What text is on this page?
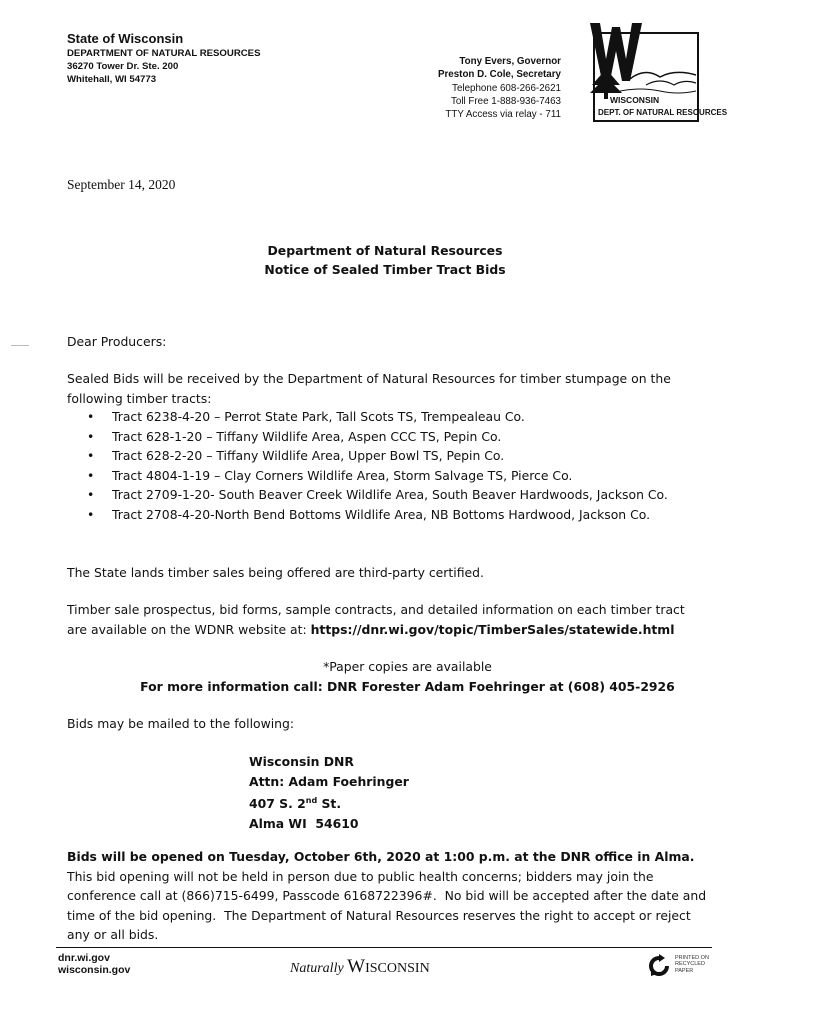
State of Wisconsin
DEPARTMENT OF NATURAL RESOURCES
36270 Tower Dr. Ste. 200
Whitehall, WI 54773
Tony Evers, Governor
Preston D. Cole, Secretary
Telephone 608-266-2621
Toll Free 1-888-936-7463
TTY Access via relay - 711
WISCONSIN
DEPT. OF NATURAL RESOURCES
September 14, 2020
Department of Natural Resources
Notice of Sealed Timber Tract Bids
Dear Producers:
Sealed Bids will be received by the Department of Natural Resources for timber stumpage on the following timber tracts:
• Tract 6238-4-20 – Perrot State Park, Tall Scots TS, Trempealeau Co.
• Tract 628-1-20 – Tiffany Wildlife Area, Aspen CCC TS, Pepin Co.
• Tract 628-2-20 – Tiffany Wildlife Area, Upper Bowl TS, Pepin Co.
• Tract 4804-1-19 – Clay Corners Wildlife Area, Storm Salvage TS, Pierce Co.
• Tract 2709-1-20- South Beaver Creek Wildlife Area, South Beaver Hardwoods, Jackson Co.
• Tract 2708-4-20-North Bend Bottoms Wildlife Area, NB Bottoms Hardwood, Jackson Co.
The State lands timber sales being offered are third-party certified.
Timber sale prospectus, bid forms, sample contracts, and detailed information on each timber tract are available on the WDNR website at: https://dnr.wi.gov/topic/TimberSales/statewide.html
*Paper copies are available
For more information call: DNR Forester Adam Foehringer at (608) 405-2926
Bids may be mailed to the following:
Wisconsin DNR
Attn: Adam Foehringer
407 S. 2nd St.
Alma WI  54610
Bids will be opened on Tuesday, October 6th, 2020 at 1:00 p.m. at the DNR office in Alma.  This bid opening will not be held in person due to public health concerns; bidders may join the conference call at (866)715-6499, Passcode 6168722396#.  No bid will be accepted after the date and time of the bid opening.  The Department of Natural Resources reserves the right to accept or reject any or all bids.
dnr.wi.gov
wisconsin.gov	Naturally WISCONSIN
PRINTED ON RECYCLED PAPER
